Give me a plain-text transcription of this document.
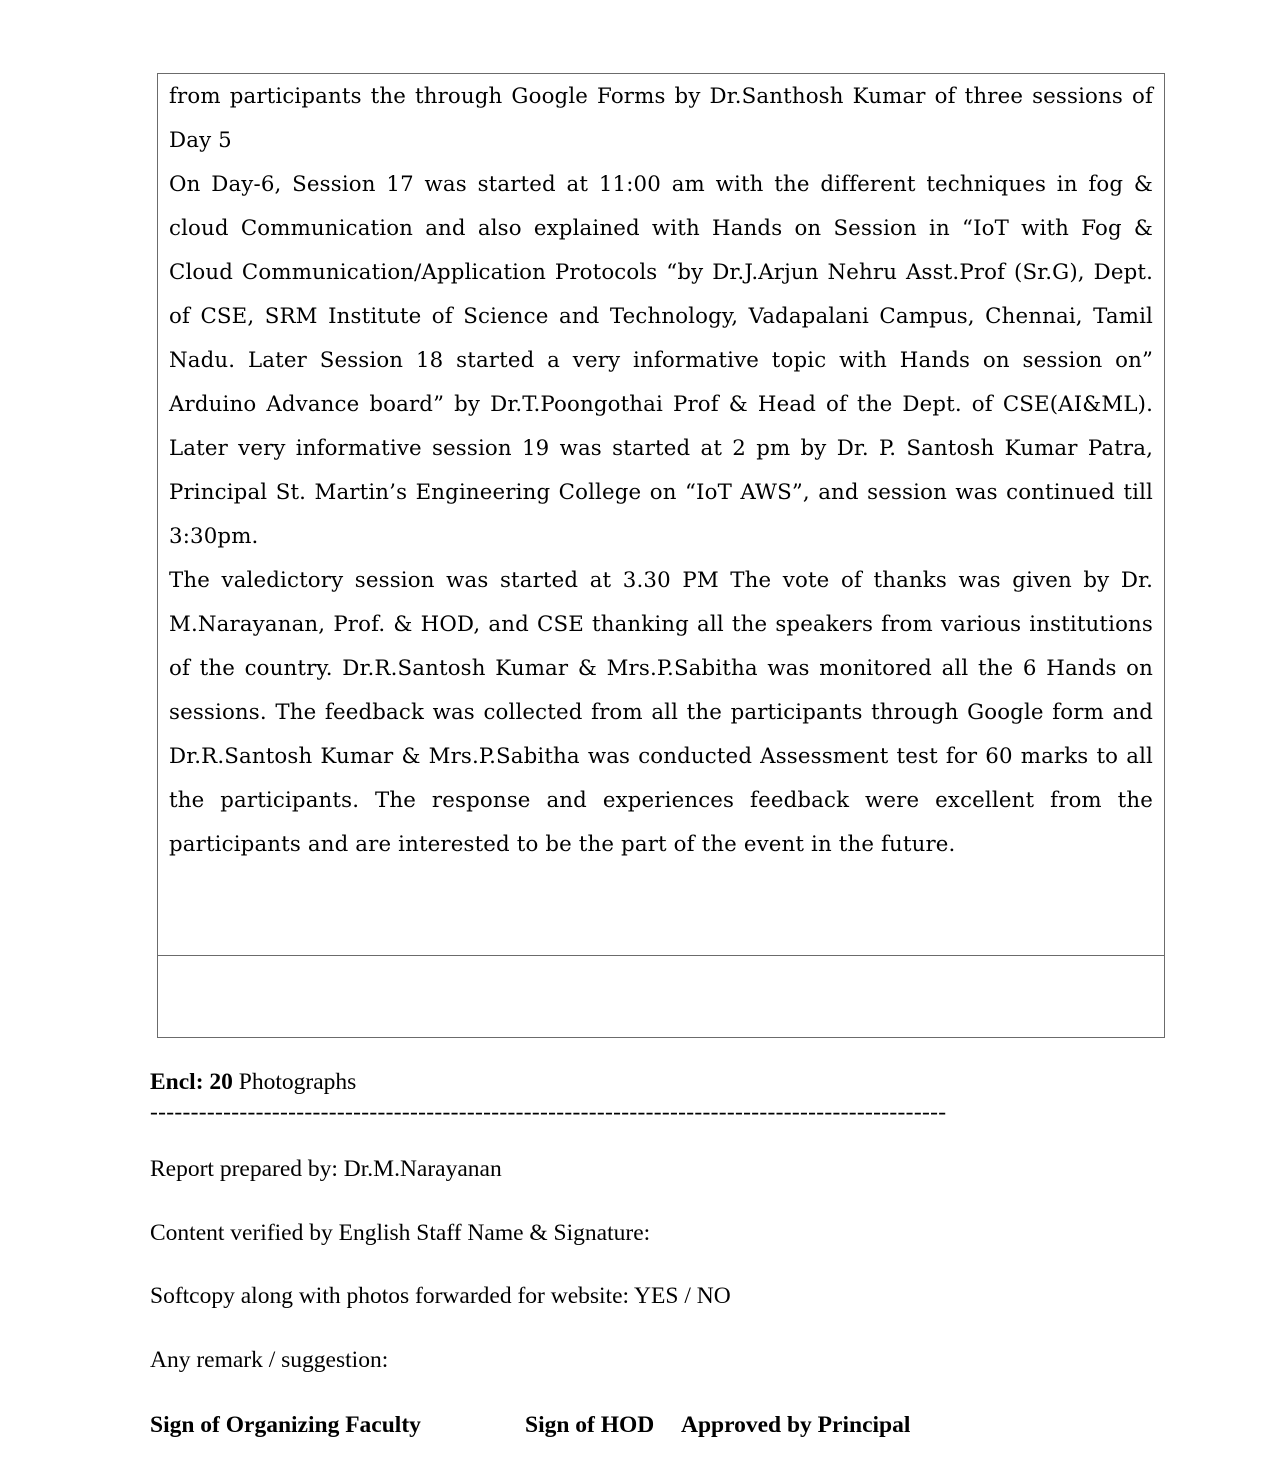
from participants the through Google Forms by Dr.Santhosh Kumar of three sessions of Day 5

On Day-6, Session 17 was started at 11:00 am with the different techniques in fog & cloud Communication and also explained with Hands on Session in “IoT with Fog & Cloud Communication/Application Protocols “by Dr.J.Arjun Nehru Asst.Prof (Sr.G), Dept. of CSE, SRM Institute of Science and Technology, Vadapalani Campus, Chennai, Tamil Nadu. Later Session 18 started a very informative topic with Hands on session on” Arduino Advance board” by Dr.T.Poongothai Prof & Head of the Dept. of CSE(AI&ML). Later very informative session 19 was started at 2 pm by Dr. P. Santosh Kumar Patra, Principal St. Martin’s Engineering College on “IoT AWS”, and session was continued till 3:30pm.

The valedictory session was started at 3.30 PM The vote of thanks was given by Dr. M.Narayanan, Prof. & HOD, and CSE thanking all the speakers from various institutions of the country. Dr.R.Santosh Kumar & Mrs.P.Sabitha was monitored all the 6 Hands on sessions. The feedback was collected from all the participants through Google form and Dr.R.Santosh Kumar & Mrs.P.Sabitha was conducted Assessment test for 60 marks to all the participants. The response and experiences feedback were excellent from the participants and are interested to be the part of the event in the future.

Encl: 20 Photographs

--------------------------------------------------------------------------------------------------

Report prepared by: Dr.M.Narayanan

Content verified by English Staff Name & Signature:

Softcopy along with photos forwarded for website: YES / NO

Any remark / suggestion:

Sign of Organizing Faculty	Sign of HOD Approved by Principal
